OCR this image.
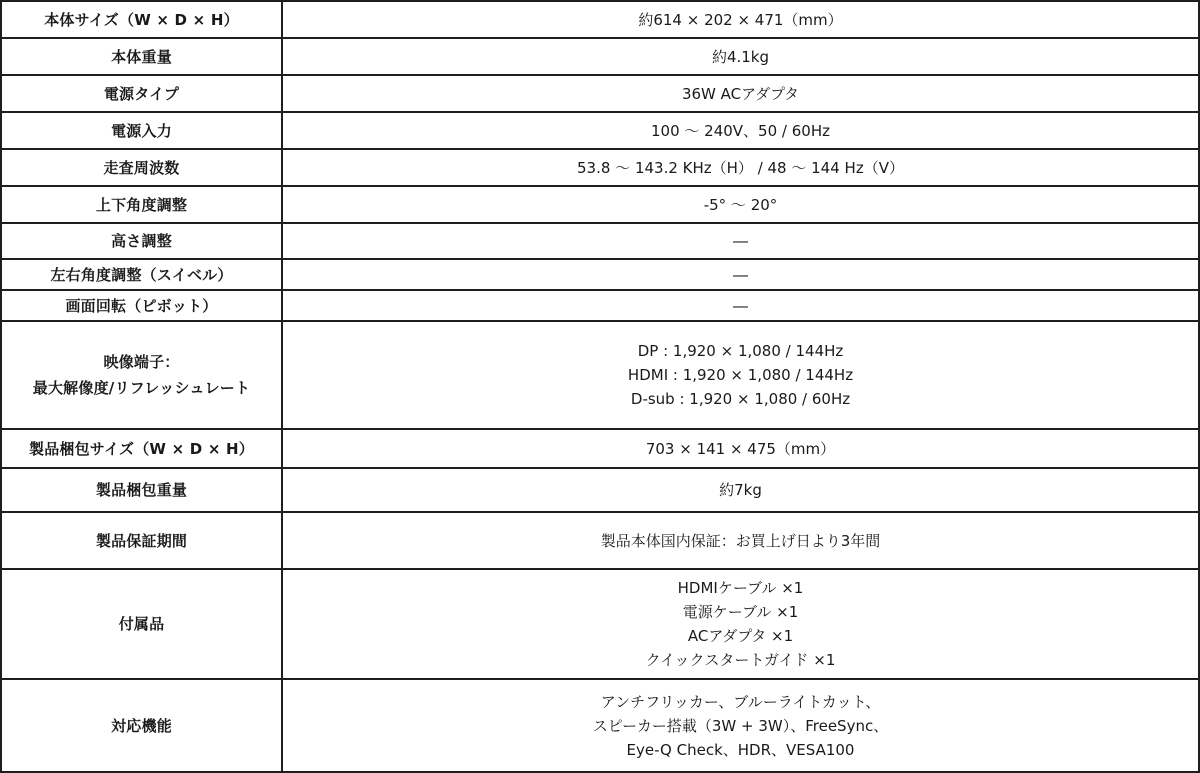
本体サイズ（W × D × H）	約614 × 202 × 471（mm）

本体重量	約4.1kg

電源タイプ	36W ACアダプタ

電源入力	100 ～ 240V、50 / 60Hz

走査周波数	53.8 ～ 143.2 KHz（H） / 48 ～ 144 Hz（V）

上下角度調整	-5° ～ 20°

高さ調整	―

左右角度調整（スイベル）	―

画面回転（ピボット）	―

映像端子：
最大解像度/リフレッシュレート	DP : 1,920 × 1,080 / 144Hz
HDMI : 1,920 × 1,080 / 144Hz
D-sub : 1,920 × 1,080 / 60Hz

製品梱包サイズ（W × D × H）	703 × 141 × 475（mm）

製品梱包重量	約7kg

製品保証期間	製品本体国内保証：お買上げ日より3年間

付属品	HDMIケーブル ×1
電源ケーブル ×1
ACアダプタ ×1
クイックスタートガイド ×1

対応機能	アンチフリッカー、ブルーライトカット、
スピーカー搭載（3W + 3W）、FreeSync、
Eye-Q Check、HDR、VESA100
